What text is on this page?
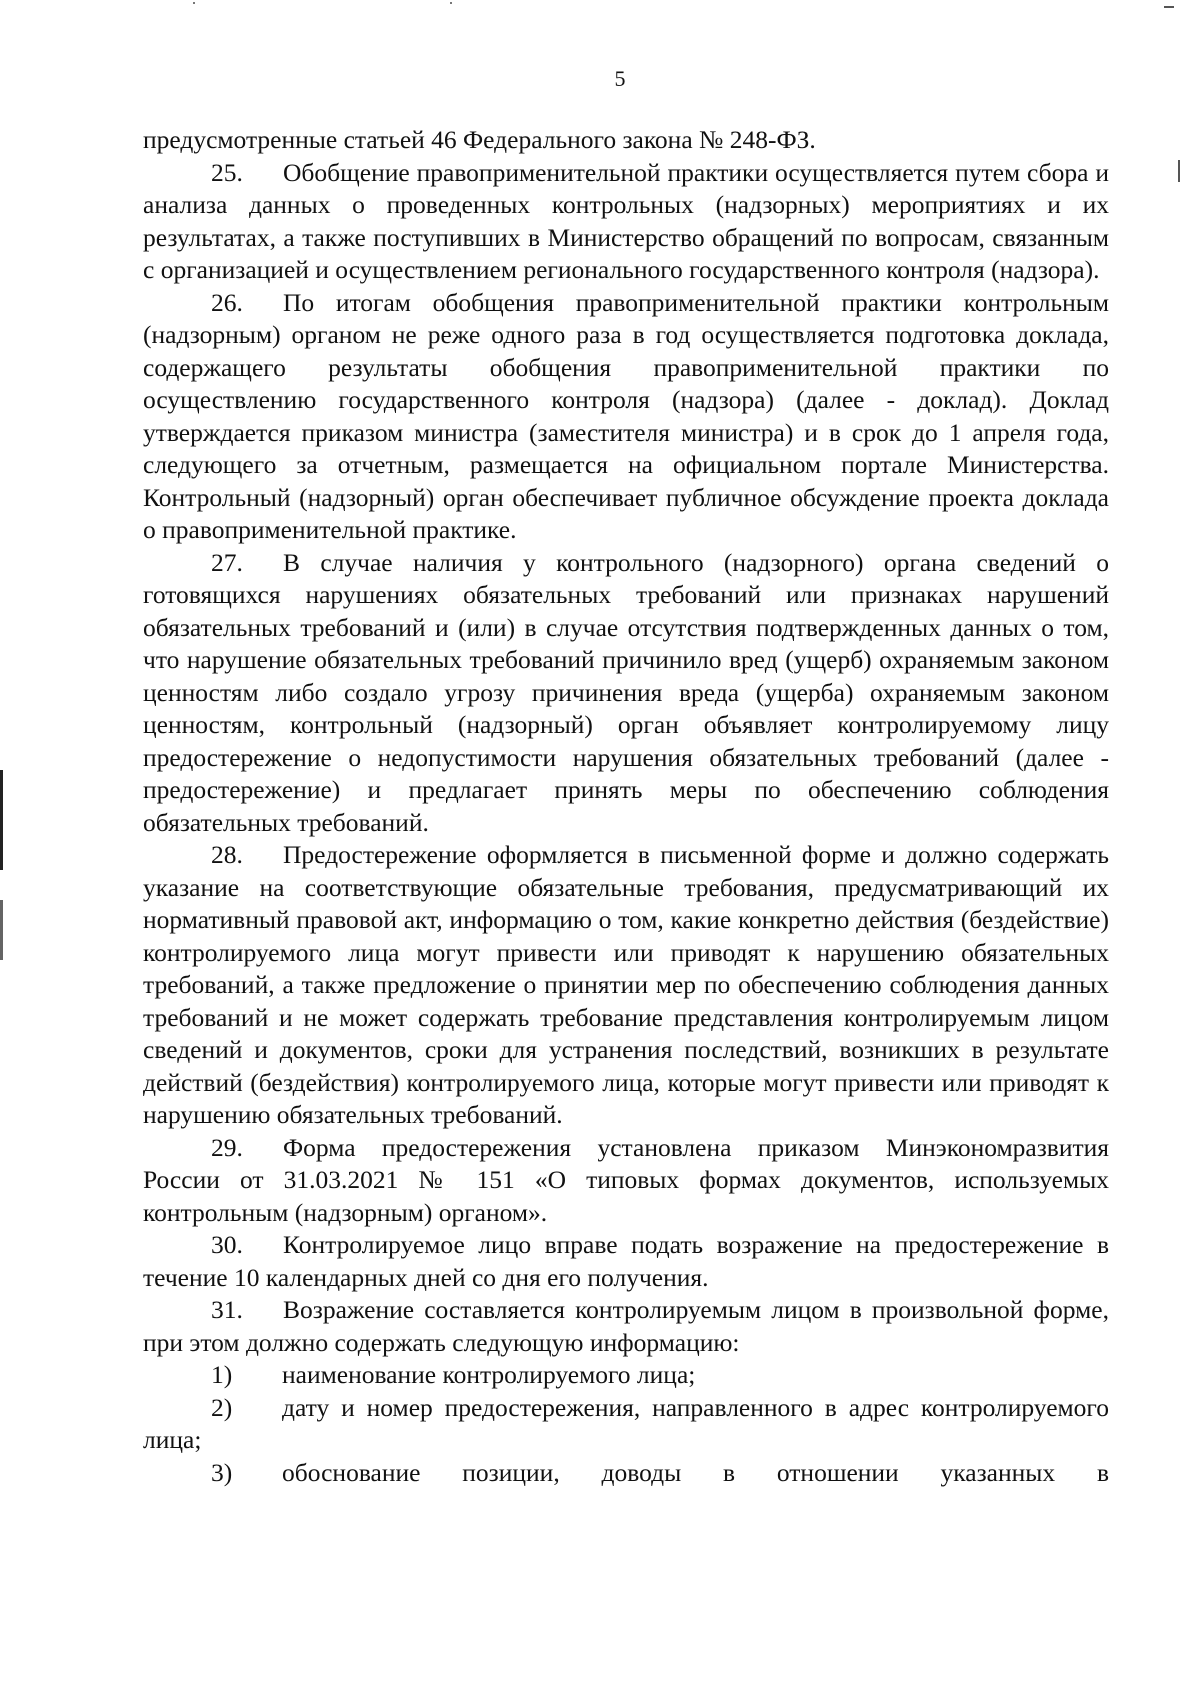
5

предусмотренные статьей 46 Федерального закона № 248-ФЗ.

25. Обобщение правоприменительной практики осуществляется путем сбора и анализа данных о проведенных контрольных (надзорных) мероприятиях и их результатах, а также поступивших в Министерство обращений по вопросам, связанным с организацией и осуществлением регионального государственного контроля (надзора).

26. По итогам обобщения правоприменительной практики контрольным (надзорным) органом не реже одного раза в год осуществляется подготовка доклада, содержащего результаты обобщения правоприменительной практики по осуществлению государственного контроля (надзора) (далее - доклад). Доклад утверждается приказом министра (заместителя министра) и в срок до 1 апреля года, следующего за отчетным, размещается на официальном портале Министерства. Контрольный (надзорный) орган обеспечивает публичное обсуждение проекта доклада о правоприменительной практике.

27. В случае наличия у контрольного (надзорного) органа сведений о готовящихся нарушениях обязательных требований или признаках нарушений обязательных требований и (или) в случае отсутствия подтвержденных данных о том, что нарушение обязательных требований причинило вред (ущерб) охраняемым законом ценностям либо создало угрозу причинения вреда (ущерба) охраняемым законом ценностям, контрольный (надзорный) орган объявляет контролируемому лицу предостережение о недопустимости нарушения обязательных требований (далее - предостережение) и предлагает принять меры по обеспечению соблюдения обязательных требований.

28. Предостережение оформляется в письменной форме и должно содержать указание на соответствующие обязательные требования, предусматривающий их нормативный правовой акт, информацию о том, какие конкретно действия (бездействие) контролируемого лица могут привести или приводят к нарушению обязательных требований, а также предложение о принятии мер по обеспечению соблюдения данных требований и не может содержать требование представления контролируемым лицом сведений и документов, сроки для устранения последствий, возникших в результате действий (бездействия) контролируемого лица, которые могут привести или приводят к нарушению обязательных требований.

29. Форма предостережения установлена приказом Минэкономразвития России от 31.03.2021 № 151 «О типовых формах документов, используемых контрольным (надзорным) органом».

30. Контролируемое лицо вправе подать возражение на предостережение в течение 10 календарных дней со дня его получения.

31. Возражение составляется контролируемым лицом в произвольной форме, при этом должно содержать следующую информацию:

1) наименование контролируемого лица;

2) дату и номер предостережения, направленного в адрес контролируемого лица;

3) обоснование позиции, доводы в отношении указанных в
